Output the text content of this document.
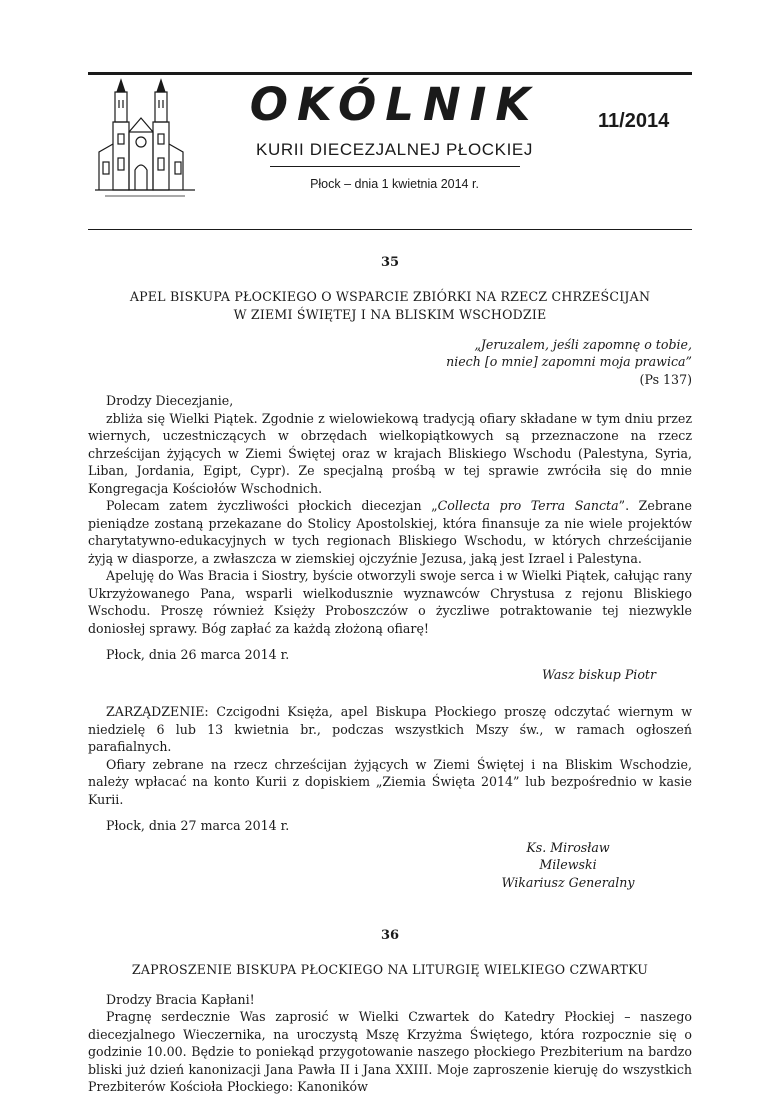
OKÓLNIK
KURII DIECEZJALNEJ PŁOCKIEJ
Płock – dnia 1 kwietnia 2014 r.
11/2014
35
APEL BISKUPA PŁOCKIEGO O WSPARCIE ZBIÓRKI NA RZECZ CHRZEŚCIJAN
W ZIEMI ŚWIĘTEJ I NA BLISKIM WSCHODZIE
„Jeruzalem, jeśli zapomnę o tobie,
niech [o mnie] zapomni moja prawica”
(Ps 137)

Drodzy Diecezjanie,

zbliża się Wielki Piątek. Zgodnie z wielowiekową tradycją ofiary składane w tym dniu przez wiernych, uczestniczących w obrzędach wielkopiątkowych są przeznaczone na rzecz chrześcijan żyjących w Ziemi Świętej oraz w krajach Bliskiego Wschodu (Palestyna, Syria, Liban, Jordania, Egipt, Cypr). Ze specjalną prośbą w tej sprawie zwróciła się do mnie Kongregacja Kościołów Wschodnich.

Polecam zatem życzliwości płockich diecezjan „Collecta pro Terra Sancta”. Zebrane pieniądze zostaną przekazane do Stolicy Apostolskiej, która finansuje za nie wiele projektów charytatywno-edukacyjnych w tych regionach Bliskiego Wschodu, w których chrześcijanie żyją w diasporze, a zwłaszcza w ziemskiej ojczyźnie Jezusa, jaką jest Izrael i Palestyna.

Apeluję do Was Bracia i Siostry, byście otworzyli swoje serca i w Wielki Piątek, całując rany Ukrzyżowanego Pana, wsparli wielkodusznie wyznawców Chrystusa z rejonu Bliskiego Wschodu. Proszę również Księży Proboszczów o życzliwe potraktowanie tej niezwykle doniosłej sprawy. Bóg zapłać za każdą złożoną ofiarę!

Płock, dnia 26 marca 2014 r.
Wasz biskup Piotr

ZARZĄDZENIE: Czcigodni Księża, apel Biskupa Płockiego proszę odczytać wiernym w niedzielę 6 lub 13 kwietnia br., podczas wszystkich Mszy św., w ramach ogłoszeń parafialnych.

Ofiary zebrane na rzecz chrześcijan żyjących w Ziemi Świętej i na Bliskim Wschodzie, należy wpłacać na konto Kurii z dopiskiem „Ziemia Święta 2014” lub bezpośrednio w kasie Kurii.

Płock, dnia 27 marca 2014 r.
Ks. Mirosław Milewski
Wikariusz Generalny
36
ZAPROSZENIE BISKUPA PŁOCKIEGO NA LITURGIĘ WIELKIEGO CZWARTKU

Drodzy Bracia Kapłani!

Pragnę serdecznie Was zaprosić w Wielki Czwartek do Katedry Płockiej – naszego diecezjalnego Wieczernika, na uroczystą Mszę Krzyżma Świętego, która rozpocznie się o godzinie 10.00. Będzie to poniekąd przygotowanie naszego płockiego Prezbiterium na bardzo bliski już dzień kanonizacji Jana Pawła II i Jana XXIII. Moje zaproszenie kieruję do wszystkich Prezbiterów Kościoła Płockiego: Kanoników
